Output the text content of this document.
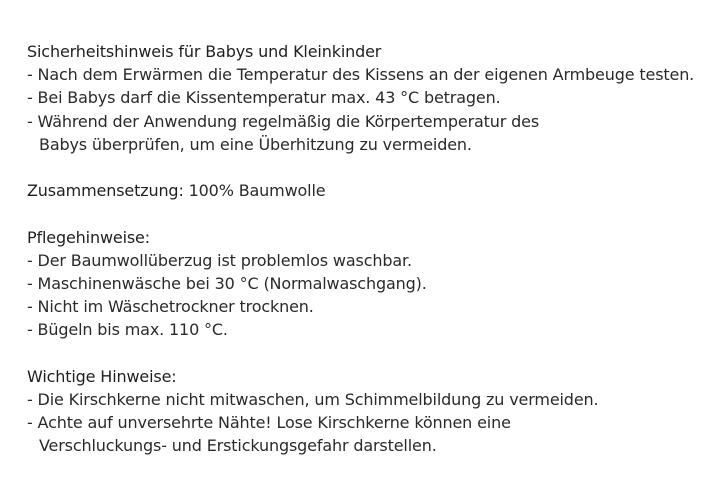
Sicherheitshinweis für Babys und Kleinkinder
- Nach dem Erwärmen die Temperatur des Kissens an der eigenen Armbeuge testen.
- Bei Babys darf die Kissentemperatur max. 43 °C betragen.
- Während der Anwendung regelmäßig die Körpertemperatur des
Babys überprüfen, um eine Überhitzung zu vermeiden.
Zusammensetzung: 100% Baumwolle
Pflegehinweise:
- Der Baumwollüberzug ist problemlos waschbar.
- Maschinenwäsche bei 30 °C (Normalwaschgang).
- Nicht im Wäschetrockner trocknen.
- Bügeln bis max. 110 °C.
Wichtige Hinweise:
- Die Kirschkerne nicht mitwaschen, um Schimmelbildung zu vermeiden.
- Achte auf unversehrte Nähte! Lose Kirschkerne können eine
Verschluckungs- und Erstickungsgefahr darstellen.
